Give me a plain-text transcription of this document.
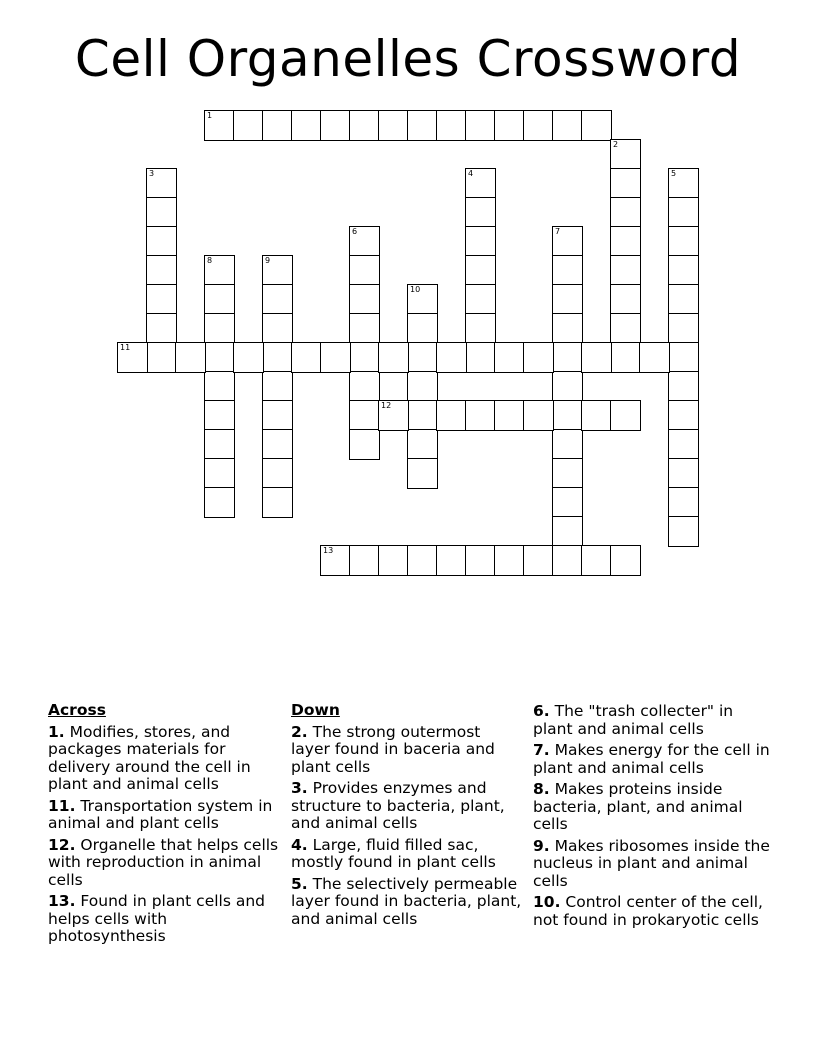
Cell Organelles Crossword
1
2
3	4	5
6	7
8	9
10
11
12
13
Across
1. Modifies, stores, and packages materials for delivery around the cell in plant and animal cells
11. Transportation system in animal and plant cells
12. Organelle that helps cells with reproduction in animal cells
13. Found in plant cells and helps cells with photosynthesis
Down
2. The strong outermost layer found in baceria and plant cells
3. Provides enzymes and structure to bacteria, plant, and animal cells
4. Large, fluid filled sac, mostly found in plant cells
5. The selectively permeable layer found in bacteria, plant, and animal cells
6. The "trash collecter" in plant and animal cells
7. Makes energy for the cell in plant and animal cells
8. Makes proteins inside bacteria, plant, and animal cells
9. Makes ribosomes inside the nucleus in plant and animal cells
10. Control center of the cell, not found in prokaryotic cells
